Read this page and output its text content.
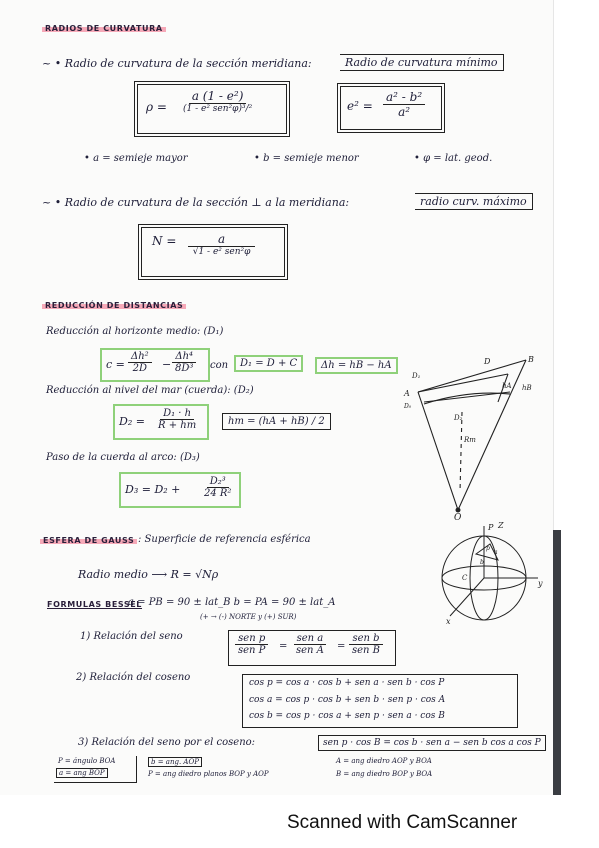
RADIOS DE CURVATURA
~ • Radio de curvatura de la sección meridiana:	Radio de curvatura mínimo
$\rho = \frac{\text{a (1 - e²)}}{\text{(1 - e² sen²φ)³/²}}$	$e^2 = \frac{\text{a² - b²}}{\text{a²}}$
• a = semieje mayor	• b = semieje menor	• φ = lat. geod.
~ • Radio de curvatura de la sección ⊥ a la meridiana:	radio curv. máximo
$N = \frac{a}{\text{√1 - e² sen²φ}}$
REDUCCIÓN DE DISTANCIAS
Reducción al horizonte medio: (D₁)
$c = \frac{\text{Δh²}}{2D} - \frac{\text{Δh⁴}}{\text{8D³}}$ con	D₁ = D + C	Δh = hB − hA
Reducción al nivel del mar (cuerda): (D₂)
$D_2 = \frac{\text{D₁ · h}}{R + hm}$	hm = (hA + hB) / 2
Paso de la cuerda al arco: (D₃)
$D_3 = D_2 + \frac{\text{D₂³}}{\text{24 R²}}$
D	B
D₁
A
D₀
D₂
hA hB
Rm
O
ESFERA DE GAUSS : Superficie de referencia esférica
Radio medio ⟶ R = √Nρ
FORMULAS BESSEL
a = PB = 90 ± lat_B b = PA = 90 ± lat_A
(+ → (-) NORTE y (+) SUR)
1) Relación del seno	$\frac{\text{sen p}}{\text{sen P}} = \frac{\text{sen a}}{\text{sen A}} = \frac{\text{sen b}}{\text{sen B}}$
2) Relación del coseno	cos p = cos a · cos b + sen a · sen b · cos P
cos a = cos p · cos b + sen b · sen p · cos A
cos b = cos p · cos a + sen p · sen a · cos B
3) Relación del seno por el coseno:	sen p · cos B = cos b · sen a − sen b cos a cos P
P = ángulo BOA
a = ang BOP
b = ang. AOP
P = ang diedro planos BOP y AOP
A = ang diedro AOP y BOA
B = ang diedro BOP y BOA
P Z
y
x
C
b
a
p
Scanned with CamScanner
